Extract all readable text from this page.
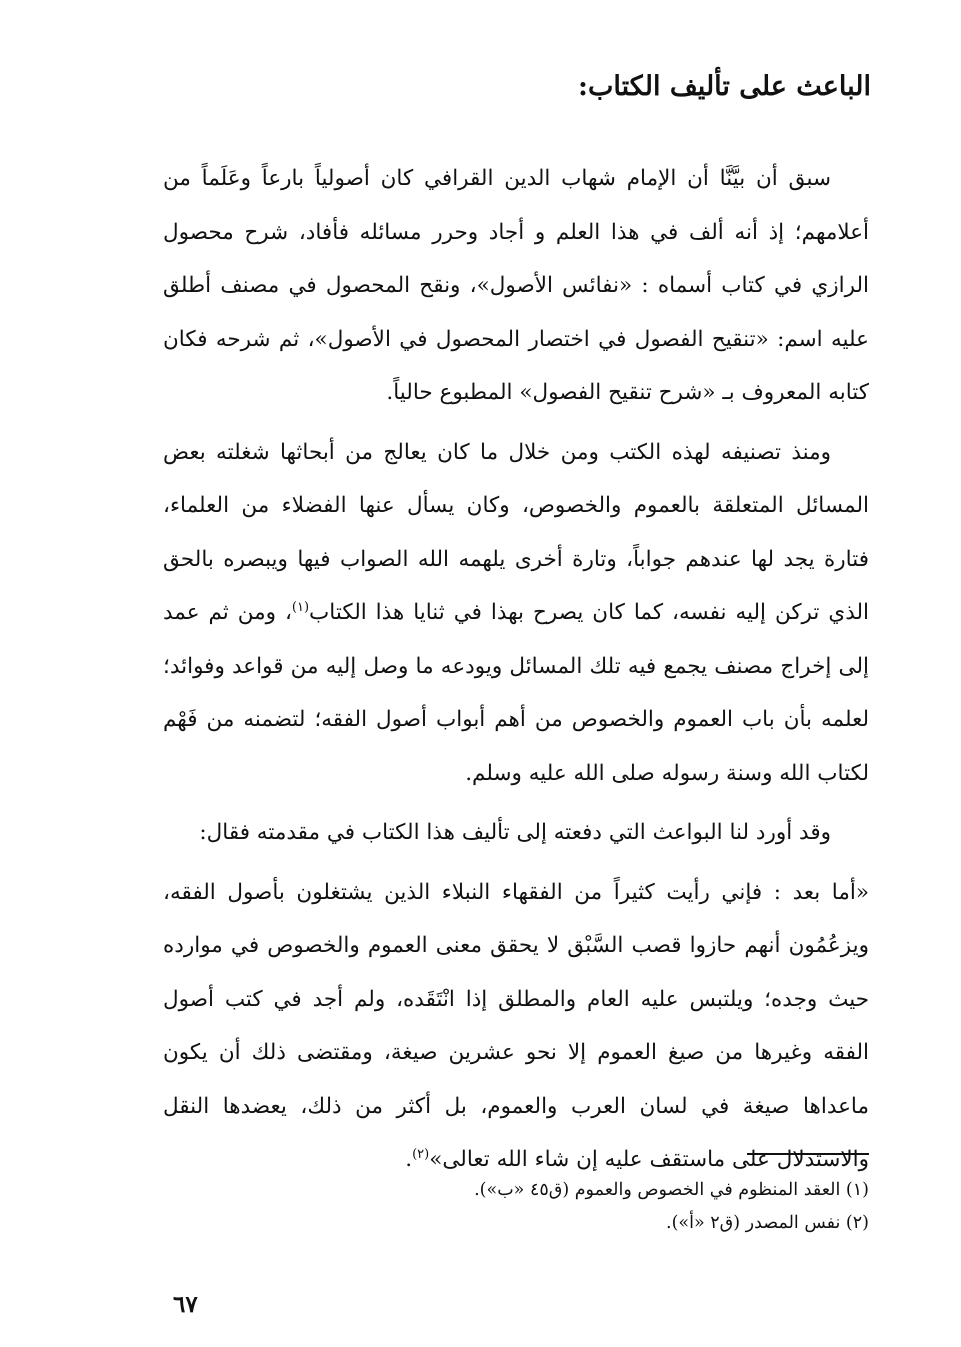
الباعث على تأليف الكتاب:

سبق أن بيَّنَّا أن الإمام شهاب الدين القرافي كان أصولياً بارعاً وعَلَماً من أعلامهم؛ إذ أنه ألف في هذا العلم و أجاد وحرر مسائله فأفاد، شرح محصول الرازي في كتاب أسماه : «نفائس الأصول»، ونقح المحصول في مصنف أطلق عليه اسم: «تنقيح الفصول في اختصار المحصول في الأصول»، ثم شرحه فكان كتابه المعروف بـ «شرح تنقيح الفصول» المطبوع حالياً.

ومنذ تصنيفه لهذه الكتب ومن خلال ما كان يعالج من أبحاثها شغلته بعض المسائل المتعلقة بالعموم والخصوص، وكان يسأل عنها الفضلاء من العلماء، فتارة يجد لها عندهم جواباً، وتارة أخرى يلهمه الله الصواب فيها ويبصره بالحق الذي تركن إليه نفسه، كما كان يصرح بهذا في ثنايا هذا الكتاب$^{(١)}$، ومن ثم عمد إلى إخراج مصنف يجمع فيه تلك المسائل ويودعه ما وصل إليه من قواعد وفوائد؛ لعلمه بأن باب العموم والخصوص من أهم أبواب أصول الفقه؛ لتضمنه من فَهْم لكتاب الله وسنة رسوله صلى الله عليه وسلم.

وقد أورد لنا البواعث التي دفعته إلى تأليف هذا الكتاب في مقدمته فقال:

«أما بعد : فإني رأيت كثيراً من الفقهاء النبلاء الذين يشتغلون بأصول الفقه، ويزعُمُون أنهم حازوا قصب السَّبْق لا يحقق معنى العموم والخصوص في موارده حيث وجده؛ ويلتبس عليه العام والمطلق إذا انْتَقَده، ولم أجد في كتب أصول الفقه وغيرها من صيغ العموم إلا نحو عشرين صيغة، ومقتضى ذلك أن يكون ماعداها صيغة في لسان العرب والعموم، بل أكثر من ذلك، يعضدها النقل والاستدلال على ماستقف عليه إن شاء الله تعالى»$^{(٢)}$.

(١) العقد المنظوم في الخصوص والعموم (ق٤٥ «ب»).

(٢) نفس المصدر (ق٢ «أ»).

٦٧
